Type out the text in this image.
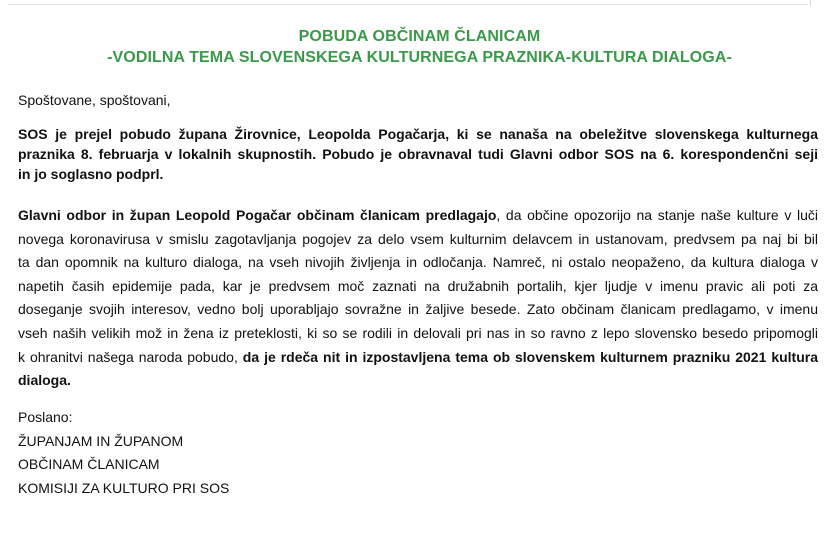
POBUDA OBČINAM ČLANICAM
-VODILNA TEMA SLOVENSKEGA KULTURNEGA PRAZNIKA-KULTURA DIALOGA-
Spoštovane, spoštovani,
SOS je prejel pobudo župana Žirovnice, Leopolda Pogačarja, ki se nanaša na obeležitve slovenskega kulturnega
praznika 8. februarja v lokalnih skupnostih. Pobudo je obravnaval tudi Glavni odbor SOS na 6. korespondenčni seji
in jo soglasno podprl.
Glavni odbor in župan Leopold Pogačar občinam članicam predlagajo, da občine opozorijo na stanje naše kulture v luči
novega koronavirusa v smislu zagotavljanja pogojev za delo vsem kulturnim delavcem in ustanovam, predvsem pa naj bi bil
ta dan opomnik na kulturo dialoga, na vseh nivojih življenja in odločanja. Namreč, ni ostalo neopaženo, da kultura dialoga v
napetih časih epidemije pada, kar je predvsem moč zaznati na družabnih portalih, kjer ljudje v imenu pravic ali poti za
doseganje svojih interesov, vedno bolj uporabljajo sovražne in žaljive besede. Zato občinam članicam predlagamo, v imenu
vseh naših velikih mož in žena iz preteklosti, ki so se rodili in delovali pri nas in so ravno z lepo slovensko besedo pripomogli
k ohranitvi našega naroda pobudo, da je rdeča nit in izpostavljena tema ob slovenskem kulturnem prazniku 2021 kultura
dialoga.
Poslano:
ŽUPANJAM IN ŽUPANOM
OBČINAM ČLANICAM
KOMISIJI ZA KULTURO PRI SOS
